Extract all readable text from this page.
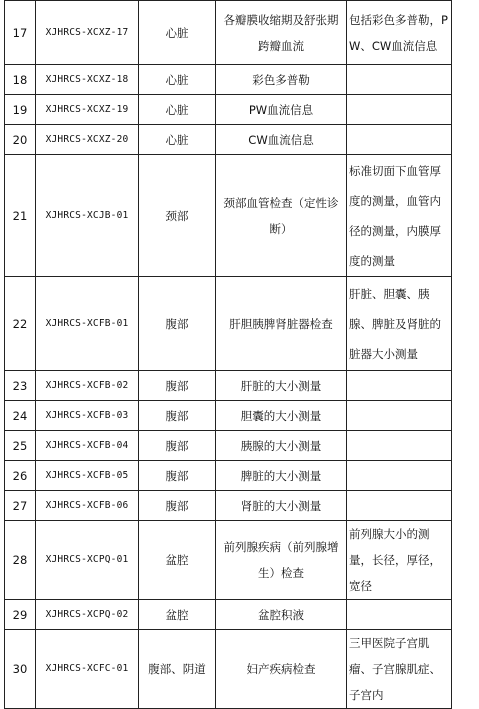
17	XJHRCS-XCXZ-17	心脏	各瓣膜收缩期及舒张期跨瓣血流	包括彩色多普勒，PW、CW血流信息
18	XJHRCS-XCXZ-18	心脏	彩色多普勒	
19	XJHRCS-XCXZ-19	心脏	PW血流信息	
20	XJHRCS-XCXZ-20	心脏	CW血流信息	
21	XJHRCS-XCJB-01	颈部	颈部血管检查（定性诊断）	标准切面下血管厚度的测量，血管内径的测量，内膜厚度的测量
22	XJHRCS-XCFB-01	腹部	肝胆胰脾肾脏器检查	肝脏、胆囊、胰腺、脾脏及肾脏的脏器大小测量
23	XJHRCS-XCFB-02	腹部	肝脏的大小测量	
24	XJHRCS-XCFB-03	腹部	胆囊的大小测量	
25	XJHRCS-XCFB-04	腹部	胰腺的大小测量	
26	XJHRCS-XCFB-05	腹部	脾脏的大小测量	
27	XJHRCS-XCFB-06	腹部	肾脏的大小测量	
28	XJHRCS-XCPQ-01	盆腔	前列腺疾病（前列腺增生）检查	前列腺大小的测量，长径，厚径，宽径
29	XJHRCS-XCPQ-02	盆腔	盆腔积液	
30	XJHRCS-XCFC-01	腹部、阴道	妇产疾病检查	三甲医院子宫肌瘤、子宫腺肌症、子宫内
